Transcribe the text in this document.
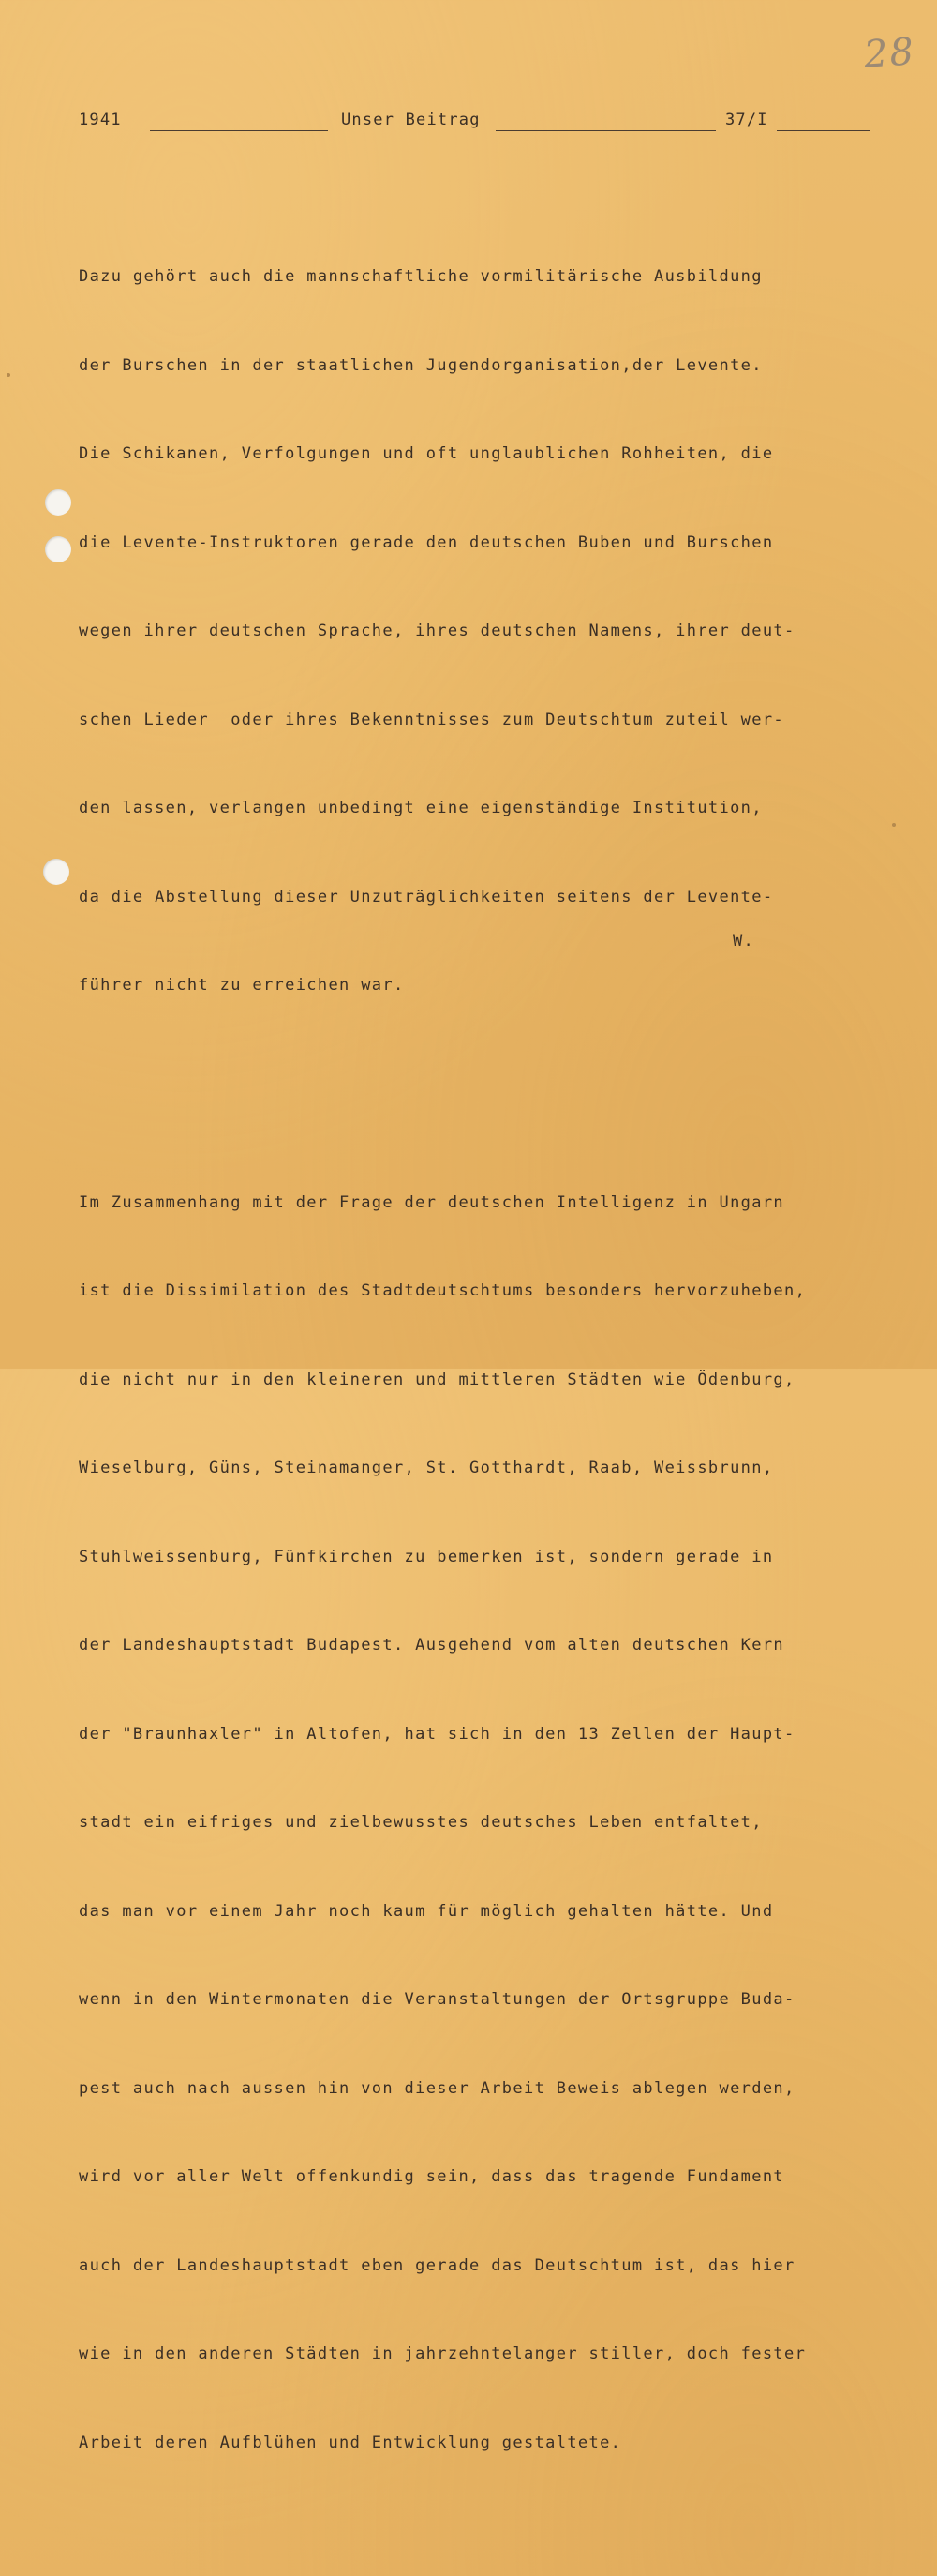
28
1941	Unser Beitrag	37/I

Dazu gehört auch die mannschaftliche vormilitärische Ausbildung

der Burschen in der staatlichen Jugendorganisation,der Levente.

Die Schikanen, Verfolgungen und oft unglaublichen Rohheiten, die

die Levente-Instruktoren gerade den deutschen Buben und Burschen

wegen ihrer deutschen Sprache, ihres deutschen Namens, ihrer deut-

schen Lieder  oder ihres Bekenntnisses zum Deutschtum zuteil wer-

den lassen, verlangen unbedingt eine eigenständige Institution,

da die Abstellung dieser Unzuträglichkeiten seitens der Levente-

führer nicht zu erreichen war.

Im Zusammenhang mit der Frage der deutschen Intelligenz in Ungarn

ist die Dissimilation des Stadtdeutschtums besonders hervorzuheben,

die nicht nur in den kleineren und mittleren Städten wie Ödenburg,

Wieselburg, Güns, Steinamanger, St. Gotthardt, Raab, Weissbrunn,

Stuhlweissenburg, Fünfkirchen zu bemerken ist, sondern gerade in

der Landeshauptstadt Budapest. Ausgehend vom alten deutschen Kern

der "Braunhaxler" in Altofen, hat sich in den 13 Zellen der Haupt-

stadt ein eifriges und zielbewusstes deutsches Leben entfaltet,

das man vor einem Jahr noch kaum für möglich gehalten hätte. Und

wenn in den Wintermonaten die Veranstaltungen der Ortsgruppe Buda-

pest auch nach aussen hin von dieser Arbeit Beweis ablegen werden,

wird vor aller Welt offenkundig sein, dass das tragende Fundament

auch der Landeshauptstadt eben gerade das Deutschtum ist, das hier

wie in den anderen Städten in jahrzehntelanger stiller, doch fester

Arbeit deren Aufblühen und Entwicklung gestaltete.

W.
